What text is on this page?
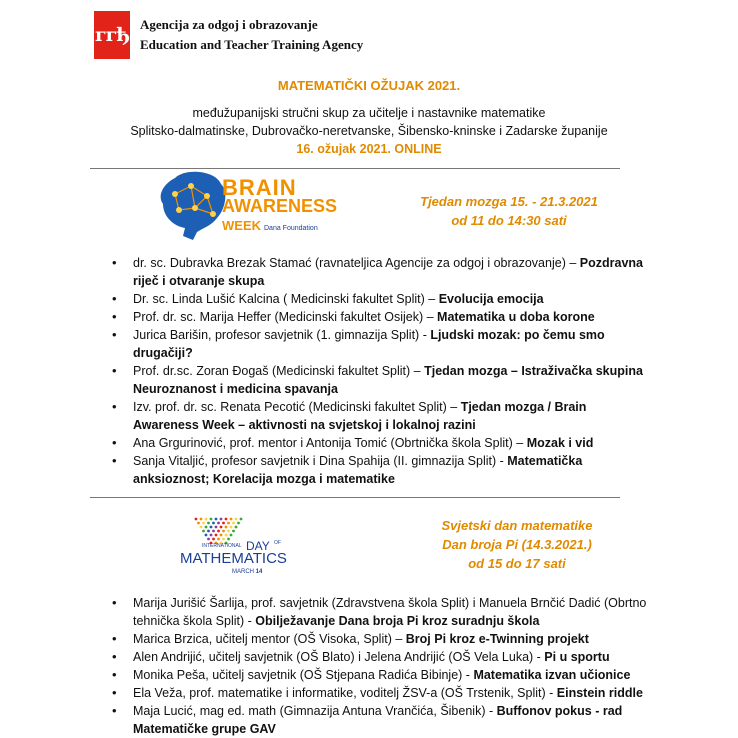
ггђ Agencija za odgoj i obrazovanje
Education and Teacher Training Agency
MATEMATIČKI OŽUJAK 2021.
međužupanijski stručni skup za učitelje i nastavnike matematike
Splitsko-dalmatinske, Dubrovačko-neretvanske, Šibensko-kninske i Zadarske županije
16. ožujak 2021. ONLINE
BRAIN
AWARENESS
WEEK Dana Foundation
Tjedan mozga 15. - 21.3.2021
od 11 do 14:30 sati
• dr. sc. Dubravka Brezak Stamać (ravnateljica Agencije za odgoj i obrazovanje) – Pozdravna riječ i otvaranje skupa
• Dr. sc. Linda Lušić Kalcina ( Medicinski fakultet Split) – Evolucija emocija
• Prof. dr. sc. Marija Heffer (Medicinski fakultet Osijek) – Matematika u doba korone
• Jurica Barišin, profesor savjetnik (1. gimnazija Split) - Ljudski mozak: po čemu smo drugačiji?
• Prof. dr.sc. Zoran Đogaš (Medicinski fakultet Split) – Tjedan mozga – Istraživačka skupina Neuroznanost i medicina spavanja
• Izv. prof. dr. sc. Renata Pecotić (Medicinski fakultet Split) – Tjedan mozga / Brain Awareness Week – aktivnosti na svjetskoj i lokalnoj razini
• Ana Grgurinović, prof. mentor i Antonija Tomić (Obrtnička škola Split) – Mozak i vid
• Sanja Vitaljić, profesor savjetnik i Dina Spahija (II. gimnazija Split) - Matematička anksioznost; Korelacija mozga i matematike
INTERNATIONAL DAY OF
MATHEMATICS
MARCH 14
Svjetski dan matematike
Dan broja Pi (14.3.2021.)
od 15 do 17 sati
• Marija Jurišić Šarlija, prof. savjetnik (Zdravstvena škola Split) i Manuela Brnčić Dadić (Obrtno tehnička škola Split) - Obilježavanje Dana broja Pi kroz suradnju škola
• Marica Brzica, učitelj mentor (OŠ Visoka, Split) – Broj Pi kroz e-Twinning projekt
• Alen Andrijić, učitelj savjetnik (OŠ Blato) i Jelena Andrijić (OŠ Vela Luka) - Pi u sportu
• Monika Peša, učitelj savjetnik (OŠ Stjepana Radića Bibinje) - Matematika izvan učionice
• Ela Veža, prof. matematike i informatike, voditelj ŽSV-a (OŠ Trstenik, Split) - Einstein riddle
• Maja Lucić, mag ed. math (Gimnazija Antuna Vrančića, Šibenik) - Buffonov pokus - rad Matematičke grupe GAV
